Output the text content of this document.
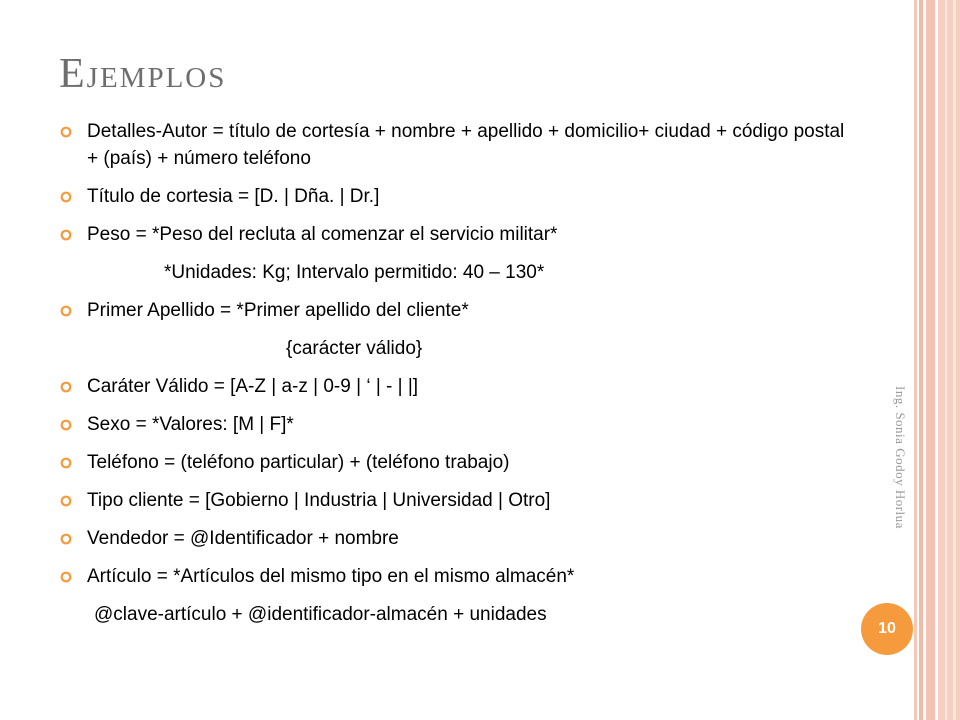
Ejemplos
Detalles-Autor = título de cortesía + nombre + apellido + domicilio+ ciudad + código postal + (país) + número teléfono
Título de cortesia = [D. | Dña. | Dr.]
Peso = *Peso del recluta al comenzar el servicio militar*
*Unidades: Kg; Intervalo permitido: 40 – 130*
Primer Apellido = *Primer apellido del cliente*
{carácter válido}
Caráter Válido = [A-Z | a-z | 0-9 | ‘ | - | |]
Sexo = *Valores: [M | F]*
Teléfono = (teléfono particular) + (teléfono trabajo)
Tipo cliente = [Gobierno | Industria | Universidad | Otro]
Vendedor = @Identificador + nombre
Artículo = *Artículos del mismo tipo en el mismo almacén*
@clave-artículo + @identificador-almacén + unidades
Ing. Sonia Godoy Horlua
10
